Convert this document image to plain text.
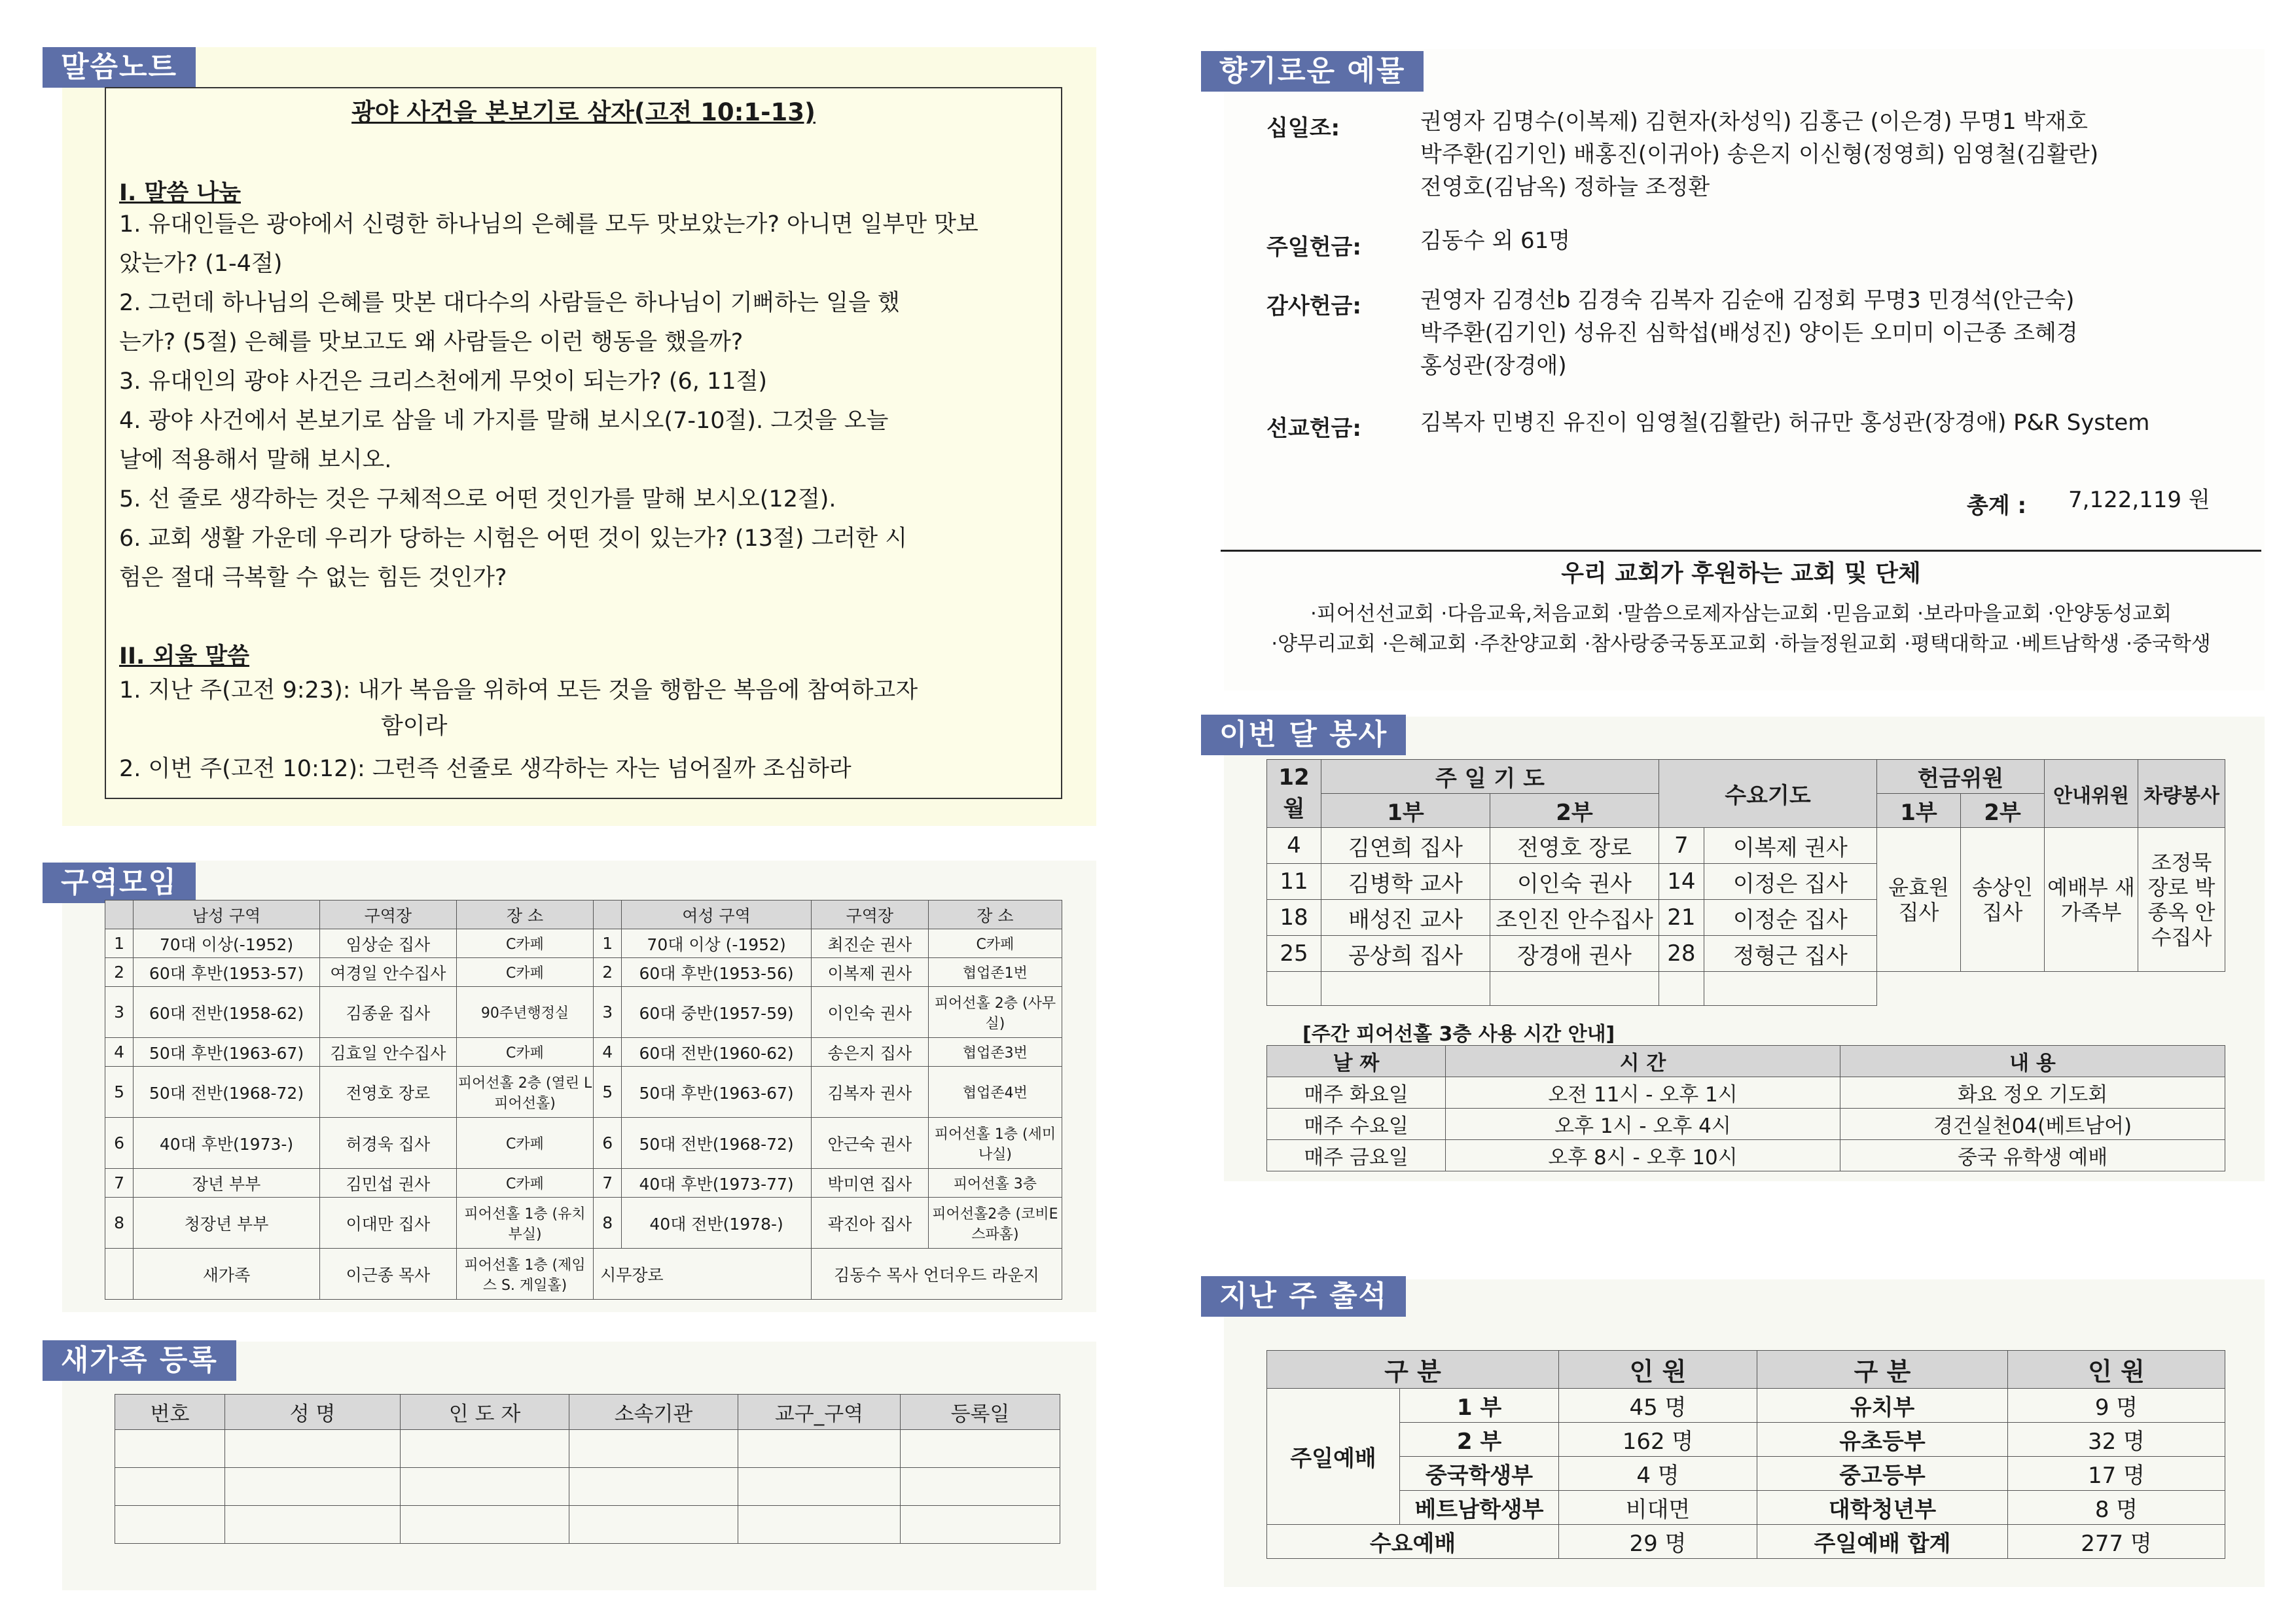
말씀노트
광야 사건을 본보기로 삼자(고전 10:1-13)
I. 말씀 나눔
1. 유대인들은 광야에서 신령한 하나님의 은혜를 모두 맛보았는가? 아니면 일부만 맛보
았는가? (1-4절)
2. 그런데 하나님의 은혜를 맛본 대다수의 사람들은 하나님이 기뻐하는 일을 했
는가? (5절) 은혜를 맛보고도 왜 사람들은 이런 행동을 했을까?
3. 유대인의 광야 사건은 크리스천에게 무엇이 되는가? (6, 11절)
4. 광야 사건에서 본보기로 삼을 네 가지를 말해 보시오(7-10절). 그것을 오늘
날에 적용해서 말해 보시오.
5. 선 줄로 생각하는 것은 구체적으로 어떤 것인가를 말해 보시오(12절).
6. 교회 생활 가운데 우리가 당하는 시험은 어떤 것이 있는가? (13절) 그러한 시
험은 절대 극복할 수 없는 힘든 것인가?
II. 외울 말씀
1. 지난 주(고전 9:23): 내가 복음을 위하여 모든 것을 행함은 복음에 참여하고자
함이라
2. 이번 주(고전 10:12): 그런즉 선줄로 생각하는 자는 넘어질까 조심하라
구역모임
	남성 구역	구역장	장 소		여성 구역	구역장	장 소
1	70대 이상(-1952)	임상순 집사	C카페	1	70대 이상 (-1952)	최진순 권사	C카페
2	60대 후반(1953-57)	여경일 안수집사	C카페	2	60대 후반(1953-56)	이복제 권사	협업존1번
3	60대 전반(1958-62)	김종윤 집사	90주년행정실	3	60대 중반(1957-59)	이인숙 권사	피어선홀 2층 (사무실)
4	50대 후반(1963-67)	김효일 안수집사	C카페	4	60대 전반(1960-62)	송은지 집사	협업존3번
5	50대 전반(1968-72)	전영호 장로	피어선홀 2층 (열린 L 피어선홀)	5	50대 후반(1963-67)	김복자 권사	협업존4번
6	40대 후반(1973-)	허경욱 집사	C카페	6	50대 전반(1968-72)	안근숙 권사	피어선홀 1층 (세미나실)
7	장년 부부	김민섭 권사	C카페	7	40대 후반(1973-77)	박미연 집사	피어선홀 3층
8	청장년 부부	이대만 집사	피어선홀 1층 (유치부실)	8	40대 전반(1978-)	곽진아 집사	피어선홀2층 (코비E 스파홈)
	새가족	이근종 목사	피어선홀 1층 (제임스 S. 게일홀)	시무장로		김동수 목사 언더우드 라운지	
새가족 등록
번호	성 명	인 도 자	소속기관	교구_구역	등록일

향기로운 예물
십일조:	권영자 김명수(이복제) 김현자(차성익) 김홍근 (이은경) 무명1 박재호
박주환(김기인) 배홍진(이귀아) 송은지 이신형(정영희) 임영철(김활란)
전영호(김남옥) 정하늘 조정환
주일헌금:	김동수 외 61명
감사헌금:	권영자 김경선b 김경숙 김복자 김순애 김정회 무명3 민경석(안근숙)
박주환(김기인) 성유진 심학섭(배성진) 양이든 오미미 이근종 조혜경
홍성관(장경애)
선교헌금:	김복자 민병진 유진이 임영철(김활란) 허규만 홍성관(장경애) P&R System
총계 : 7,122,119 원
우리 교회가 후원하는 교회 및 단체
·피어선선교회 ·다음교육,처음교회 ·말씀으로제자삼는교회 ·믿음교회 ·보라마을교회 ·안양동성교회
·양무리교회 ·은혜교회 ·주찬양교회 ·참사랑중국동포교회 ·하늘정원교회 ·평택대학교 ·베트남학생 ·중국학생
이번 달 봉사
12월	주 일 기 도		수요기도		헌금위원		안내위원	차량봉사
	1부	2부			1부	2부		
4	김연희 집사	전영호 장로	7	이복제 권사	윤효원 집사	송상인 집사	예배부 새가족부	조정묵 장로 박종옥 안수집사
11	김병학 교사	이인숙 권사	14	이정은 집사				
18	배성진 교사	조인진 안수집사	21	이정순 집사				
25	공상희 집사	장경애 권사	28	정형근 집사				

[주간 피어선홀 3층 사용 시간 안내]
날 짜	시 간	내 용
매주 화요일	오전 11시 - 오후 1시	화요 정오 기도회
매주 수요일	오후 1시 - 오후 4시	경건실천04(베트남어)
매주 금요일	오후 8시 - 오후 10시	중국 유학생 예배
지난 주 출석
구 분		인 원	구 분	인 원
주일예배	1 부	45 명	유치부	9 명
	2 부	162 명	유초등부	32 명
	중국학생부	4 명	중고등부	17 명
	베트남학생부	비대면	대학청년부	8 명
수요예배		29 명	주일예배 합계	277 명
